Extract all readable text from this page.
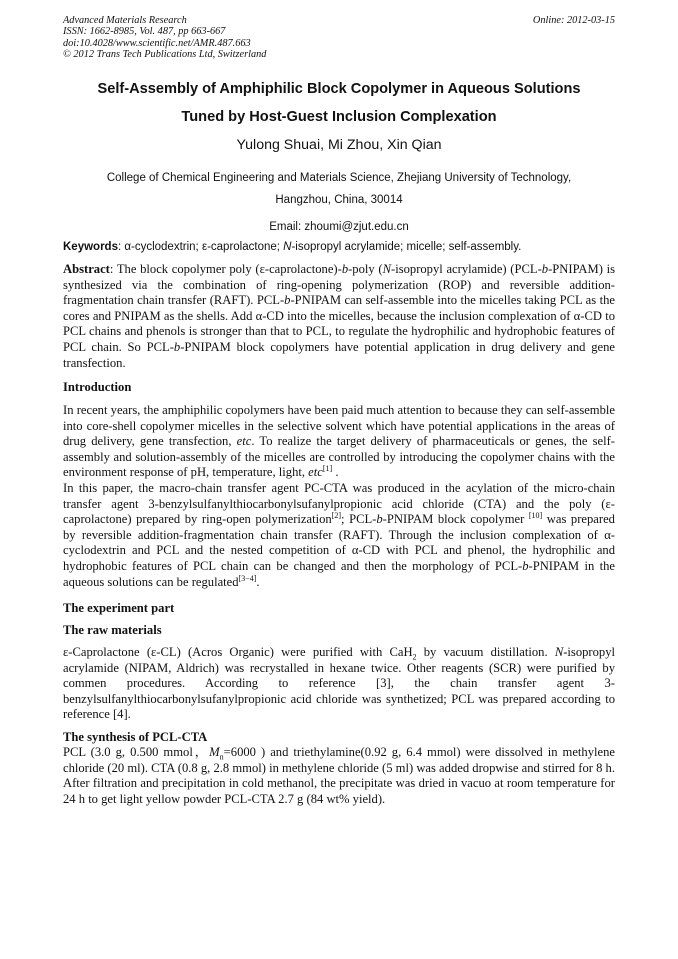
Advanced Materials Research
ISSN: 1662-8985, Vol. 487, pp 663-667
doi:10.4028/www.scientific.net/AMR.487.663
© 2012 Trans Tech Publications Ltd, Switzerland
Online: 2012-03-15
Self-Assembly of Amphiphilic Block Copolymer in Aqueous Solutions
Tuned by Host-Guest Inclusion Complexation
Yulong Shuai, Mi Zhou, Xin Qian
College of Chemical Engineering and Materials Science, Zhejiang University of Technology,
Hangzhou, China, 30014
Email: zhoumi@zjut.edu.cn
Keywords: α-cyclodextrin; ε-caprolactone; N-isopropyl acrylamide; micelle; self-assembly.

Abstract: The block copolymer poly (ε-caprolactone)-b-poly (N-isopropyl acrylamide) (PCL-b-PNIPAM) is synthesized via the combination of ring-opening polymerization (ROP) and reversible addition-fragmentation chain transfer (RAFT). PCL-b-PNIPAM can self-assemble into the micelles taking PCL as the cores and PNIPAM as the shells. Add α-CD into the micelles, because the inclusion complexation of α-CD to PCL chains and phenols is stronger than that to PCL, to regulate the hydrophilic and hydrophobic features of PCL chain. So PCL-b-PNIPAM block copolymers have potential application in drug delivery and gene transfection.

Introduction

In recent years, the amphiphilic copolymers have been paid much attention to because they can self-assemble into core-shell copolymer micelles in the selective solvent which have potential applications in the areas of drug delivery, gene transfection, etc. To realize the target delivery of pharmaceuticals or genes, the self-assembly and solution-assembly of the micelles are controlled by introducing the copolymer chains with the environment response of pH, temperature, light, etc[1] .

In this paper, the macro-chain transfer agent PC-CTA was produced in the acylation of the micro-chain transfer agent 3-benzylsulfanylthiocarbonylsufanylpropionic acid chloride (CTA) and the poly (ε-caprolactone) prepared by ring-open polymerization[2]; PCL-b-PNIPAM block copolymer [10] was prepared by reversible addition-fragmentation chain transfer (RAFT). Through the inclusion complexation of α-cyclodextrin and PCL and the nested competition of α-CD with PCL and phenol, the hydrophilic and hydrophobic features of PCL chain can be changed and then the morphology of PCL-b-PNIPAM in the aqueous solutions can be regulated[3−4].

The experiment part
The raw materials

ε-Caprolactone (ε-CL) (Acros Organic) were purified with CaH$_2$ by vacuum distillation. N-isopropyl acrylamide (NIPAM, Aldrich) was recrystalled in hexane twice. Other reagents (SCR) were purified by commen procedures. According to reference [3], the chain transfer agent 3-benzylsulfanylthiocarbonylsufanylpropionic acid chloride was synthetized; PCL was prepared according to reference [4].

The synthesis of PCL-CTA

PCL (3.0 g, 0.500 mmol，$M_n=6000$ ) and triethylamine(0.92 g, 6.4 mmol) were dissolved in methylene chloride (20 ml). CTA (0.8 g, 2.8 mmol) in methylene chloride (5 ml) was added dropwise and stirred for 8 h. After filtration and precipitation in cold methanol, the precipitate was dried in vacuo at room temperature for 24 h to get light yellow powder PCL-CTA 2.7 g (84 wt% yield).
